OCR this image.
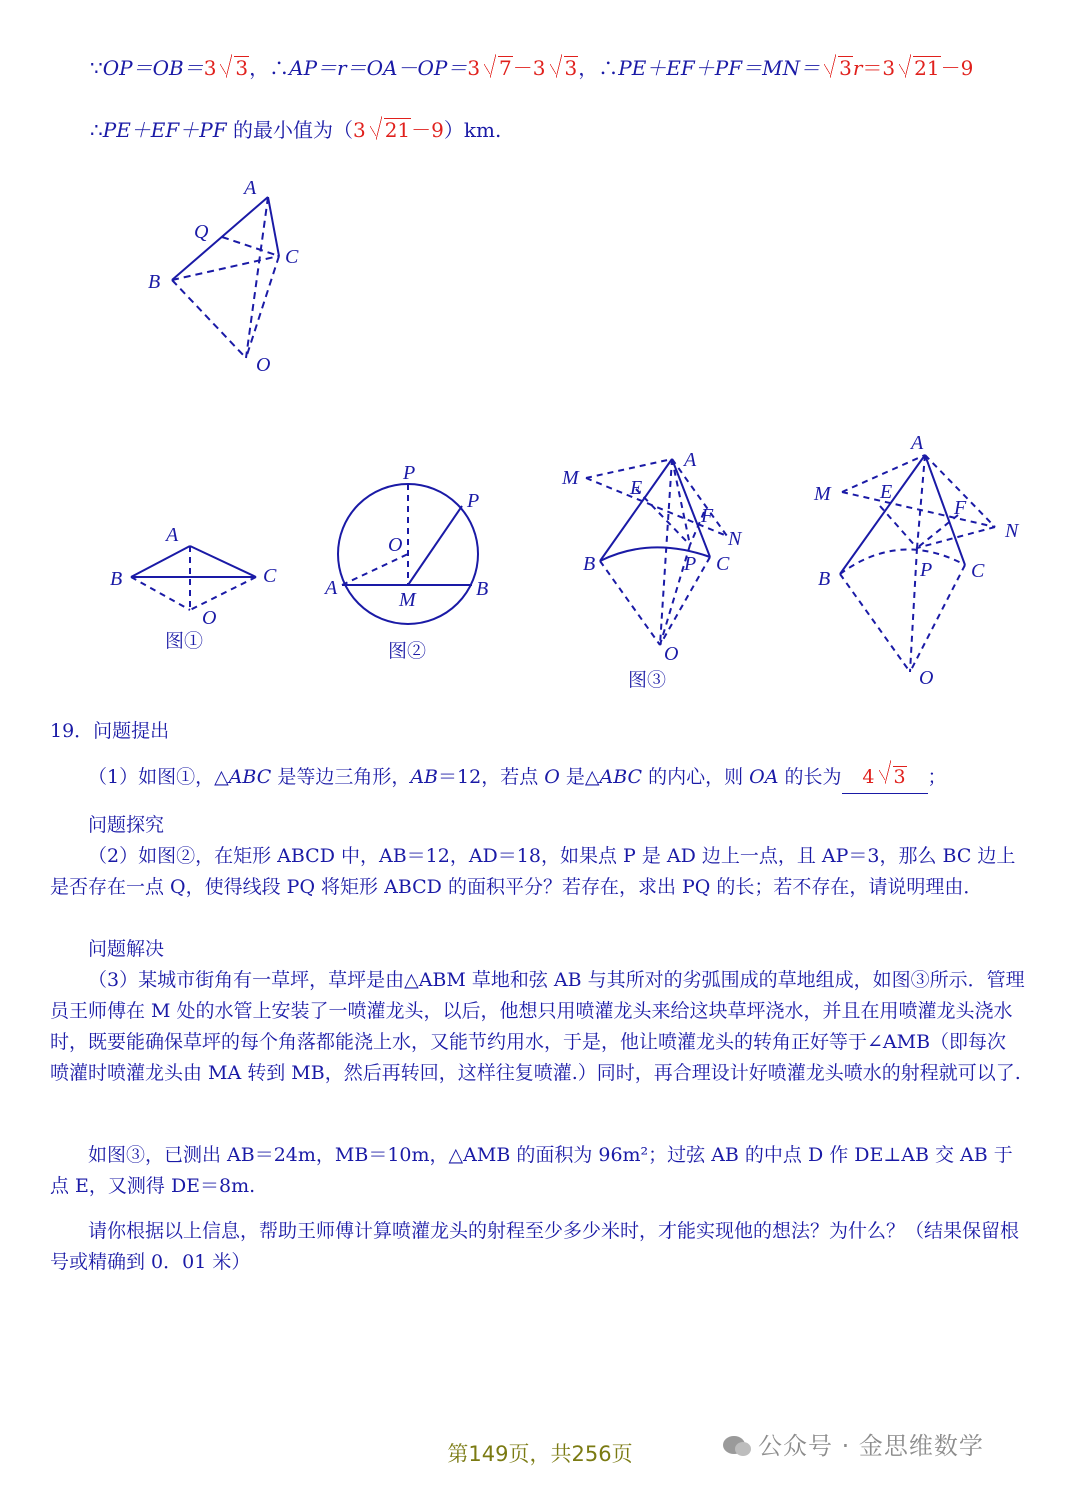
∵OP＝OB＝3 3，∴AP＝r＝OA－OP＝3 7－3 3，∴PE＋EF＋PF＝MN＝ 3r＝3 21－9
∴PE＋EF＋PF 的最小值为（3 21－9）km.
A
Q
C
B
O
A
B	C
O
P
P
O
A
M	B
A
M	E
F
N
B	P C
O
A
M E
F
N
B	P C
O
图①	图②
图③
19．问题提出
（1）如图①，△ABC 是等边三角形，AB＝12，若点 O 是△ABC 的内心，则 OA 的长为 4 3 ；
问题探究
（2）如图②，在矩形 ABCD 中，AB＝12，AD＝18，如果点 P 是 AD 边上一点，且 AP＝3，那么 BC 边上是否存在一点 Q，使得线段 PQ 将矩形 ABCD 的面积平分？若存在，求出 PQ 的长；若不存在，请说明理由．
问题解决
（3）某城市街角有一草坪，草坪是由△ABM 草地和弦 AB 与其所对的劣弧围成的草地组成，如图③所示．管理员王师傅在 M 处的水管上安装了一喷灌龙头，以后，他想只用喷灌龙头来给这块草坪浇水，并且在用喷灌龙头浇水时，既要能确保草坪的每个角落都能浇上水，又能节约用水，于是，他让喷灌龙头的转角正好等于∠AMB（即每次喷灌时喷灌龙头由 MA 转到 MB，然后再转回，这样往复喷灌.）同时，再合理设计好喷灌龙头喷水的射程就可以了.
如图③，已测出 AB＝24m，MB＝10m，△AMB 的面积为 96m²；过弦 AB 的中点 D 作 DE⊥AB 交 AB 于点 E，又测得 DE＝8m.
请你根据以上信息，帮助王师傅计算喷灌龙头的射程至少多少米时，才能实现他的想法？为什么？（结果保留根号或精确到 0．01 米）
第149页，共256页	公众号 · 金思维数学
